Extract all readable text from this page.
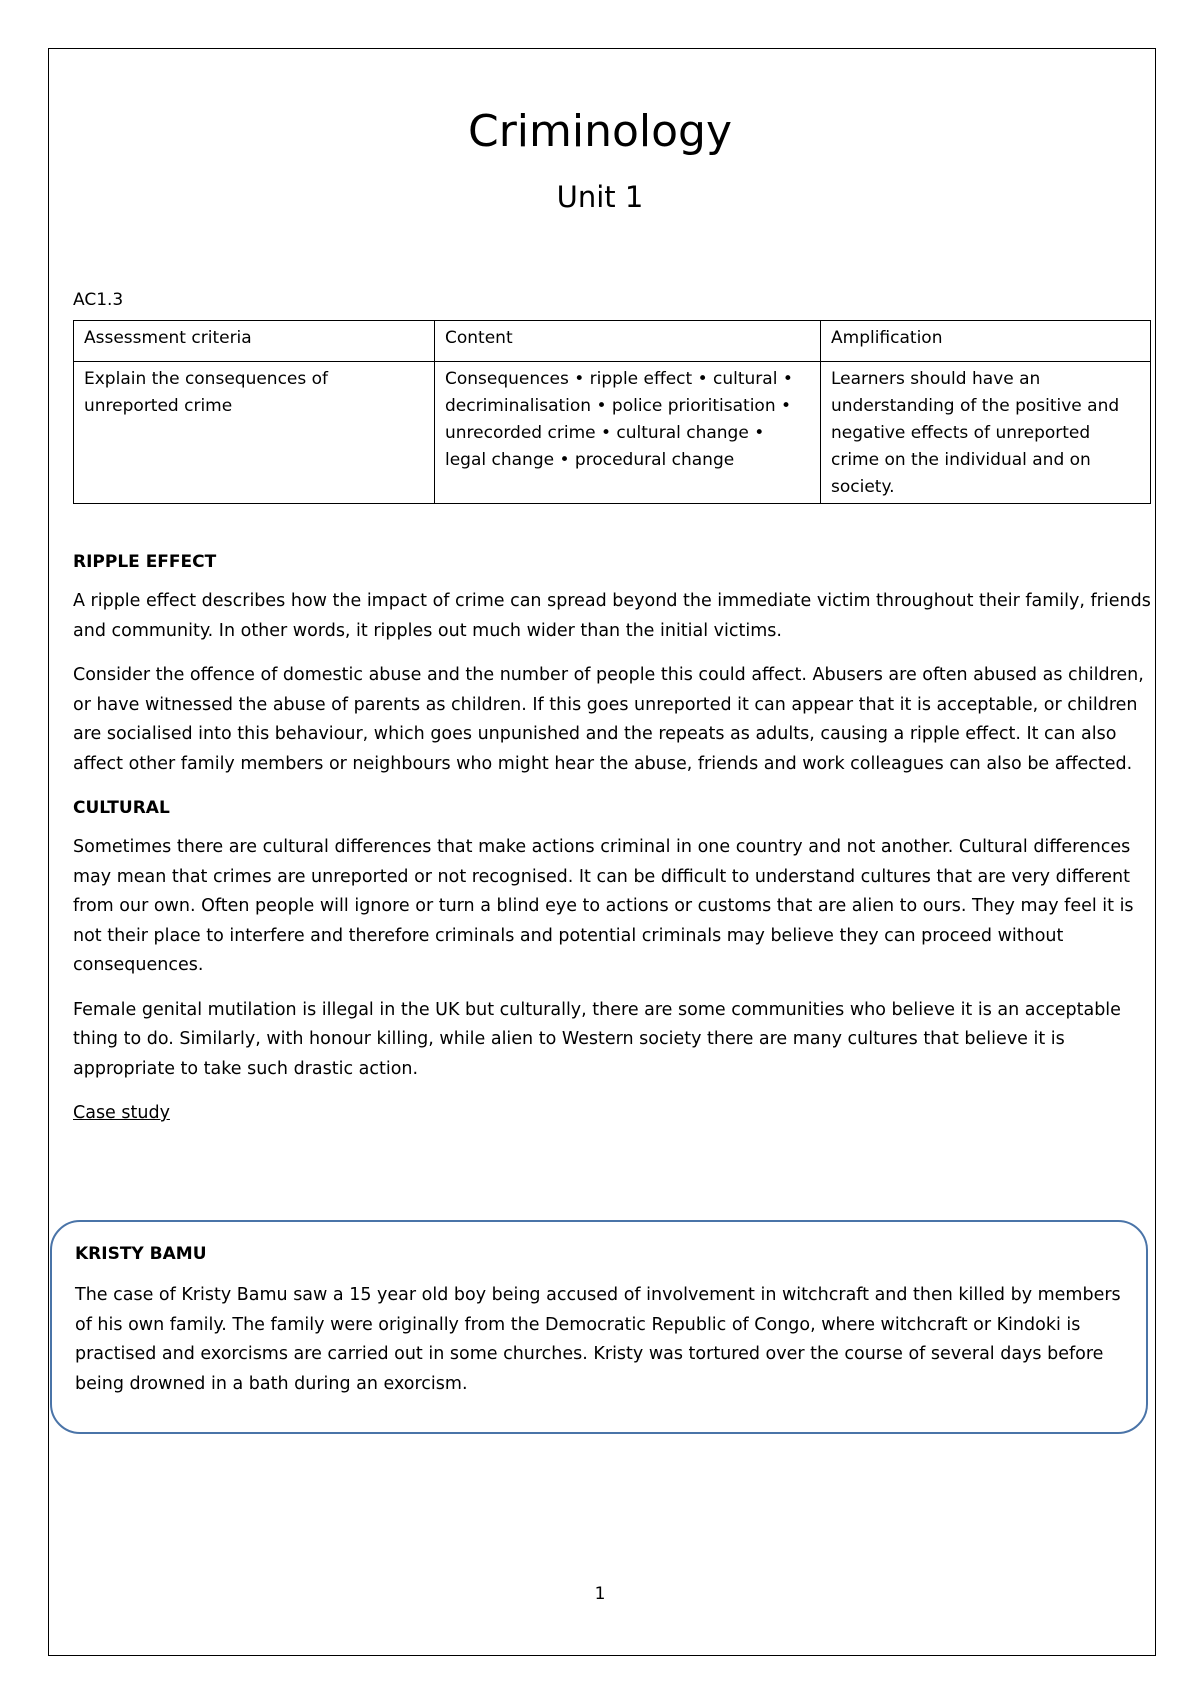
Criminology
Unit 1
AC1.3
Assessment criteria	Content	Amplification
Explain the consequences of unreported crime	Consequences • ripple effect • cultural • decriminalisation • police prioritisation • unrecorded crime • cultural change • legal change • procedural change	Learners should have an understanding of the positive and negative effects of unreported crime on the individual and on society.
RIPPLE EFFECT

A ripple effect describes how the impact of crime can spread beyond the immediate victim throughout their family, friends and community. In other words, it ripples out much wider than the initial victims.

Consider the offence of domestic abuse and the number of people this could affect. Abusers are often abused as children, or have witnessed the abuse of parents as children. If this goes unreported it can appear that it is acceptable, or children are socialised into this behaviour, which goes unpunished and the repeats as adults, causing a ripple effect. It can also affect other family members or neighbours who might hear the abuse, friends and work colleagues can also be affected.

CULTURAL

Sometimes there are cultural differences that make actions criminal in one country and not another. Cultural differences may mean that crimes are unreported or not recognised. It can be difficult to understand cultures that are very different from our own. Often people will ignore or turn a blind eye to actions or customs that are alien to ours. They may feel it is not their place to interfere and therefore criminals and potential criminals may believe they can proceed without consequences.

Female genital mutilation is illegal in the UK but culturally, there are some communities who believe it is an acceptable thing to do. Similarly, with honour killing, while alien to Western society there are many cultures that believe it is appropriate to take such drastic action.

Case study

KRISTY BAMU

The case of Kristy Bamu saw a 15 year old boy being accused of involvement in witchcraft and then killed by members of his own family. The family were originally from the Democratic Republic of Congo, where witchcraft or Kindoki is practised and exorcisms are carried out in some churches. Kristy was tortured over the course of several days before being drowned in a bath during an exorcism.

1
